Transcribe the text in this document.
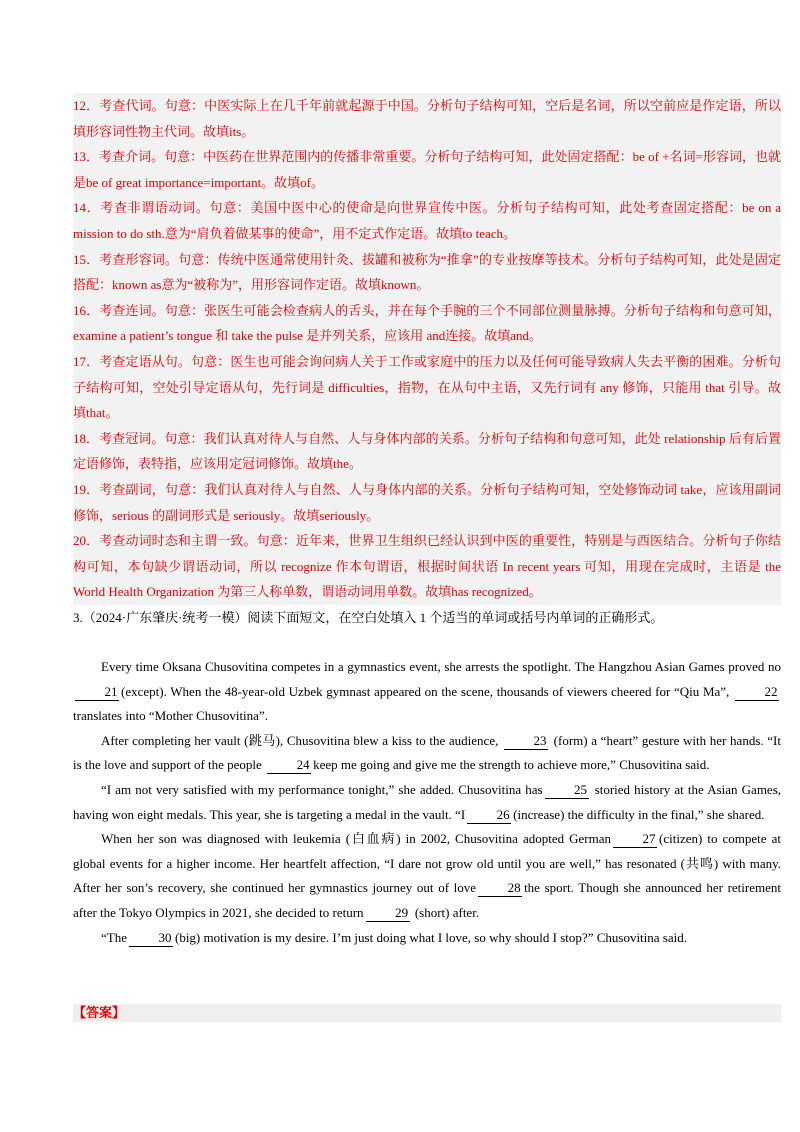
12．考查代词。句意：中医实际上在几千年前就起源于中国。分析句子结构可知，空后是名词，所以空前应是作定语，所以填形容词性物主代词。故填its。

13．考查介词。句意：中医药在世界范围内的传播非常重要。分析句子结构可知，此处固定搭配：be of +名词=形容词，也就是be of great importance=important。故填of。

14．考查非谓语动词。句意：美国中医中心的使命是向世界宣传中医。分析句子结构可知，此处考查固定搭配：be on a mission to do sth.意为“肩负着做某事的使命”，用不定式作定语。故填to teach。

15．考查形容词。句意：传统中医通常使用针灸、拔罐和被称为“推拿”的专业按摩等技术。分析句子结构可知，此处是固定搭配：known as意为“被称为”，用形容词作定语。故填known。

16．考查连词。句意：张医生可能会检查病人的舌头，并在每个手腕的三个不同部位测量脉搏。分析句子结构和句意可知，examine a patient’s tongue 和 take the pulse 是并列关系，应该用 and连接。故填and。

17．考查定语从句。句意：医生也可能会询问病人关于工作或家庭中的压力以及任何可能导致病人失去平衡的困难。分析句子结构可知，空处引导定语从句，先行词是 difficulties，指物，在从句中主语，又先行词有 any 修饰，只能用 that 引导。故填that。

18．考查冠词。句意：我们认真对待人与自然、人与身体内部的关系。分析句子结构和句意可知，此处 relationship 后有后置定语修饰，表特指，应该用定冠词修饰。故填the。

19．考查副词，句意：我们认真对待人与自然、人与身体内部的关系。分析句子结构可知，空处修饰动词 take，应该用副词修饰，serious 的副词形式是 seriously。故填seriously。

20．考查动词时态和主谓一致。句意：近年来，世界卫生组织已经认识到中医的重要性，特别是与西医结合。分析句子你结构可知，本句缺少谓语动词，所以 recognize 作本句谓语，根据时间状语 In recent years 可知，用现在完成时，主语是 the World Health Organization 为第三人称单数，谓语动词用单数。故填has recognized。

3.（2024·广东肇庆·统考一模）阅读下面短文，在空白处填入 1 个适当的单词或括号内单词的正确形式。

Every time Oksana Chusovitina competes in a gymnastics event, she arrests the spotlight. The Hangzhou Asian Games proved no21 (except). When the 48-year-old Uzbek gymnast appeared on the scene, thousands of viewers cheered for “Qiu Ma”,	22 translates into “Mother Chusovitina”.

After completing her vault (跳马), Chusovitina blew a kiss to the audience,	23 (form) a “heart” gesture with her hands. “It is the love and support of the people	24 keep me going and give me the strength to achieve more,” Chusovitina said.

“I am not very satisfied with my performance tonight,” she added. Chusovitina has 25 storied history at the Asian Games, having won eight medals. This year, she is targeting a medal in the vault. “I 26 (increase) the difficulty in the final,” she shared.

When her son was diagnosed with leukemia (白血病) in 2002, Chusovitina adopted German 27 (citizen) to compete at global events for a higher income. Her heartfelt affection, “I dare not grow old until you are well,” has resonated (共鸣) with many. After her son’s recovery, she continued her gymnastics journey out of love 28 the sport. Though she announced her retirement after the Tokyo Olympics in 2021, she decided to return 29 (short) after.

“The 30 (big) motivation is my desire. I’m just doing what I love, so why should I stop?” Chusovitina said.

【答案】
